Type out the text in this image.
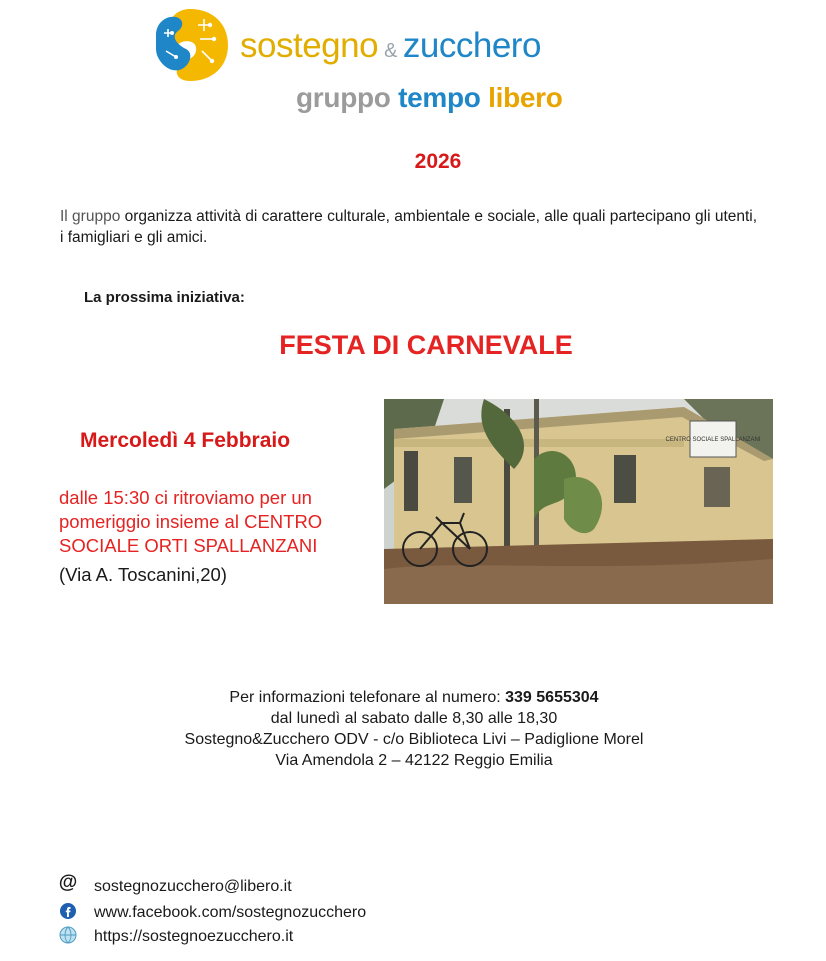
sostegno & zucchero
gruppo tempo libero
2026
Il gruppo organizza attività di carattere culturale, ambientale e sociale, alle quali partecipano gli utenti, i famigliari e gli amici.
La prossima iniziativa:
FESTA DI CARNEVALE
Mercoledì 4 Febbraio
dalle 15:30 ci ritroviamo per un pomeriggio insieme al CENTRO SOCIALE ORTI SPALLANZANI
(Via A. Toscanini,20)
CENTRO SOCIALE SPALLANZANI
Per informazioni telefonare al numero: 339 5655304
dal lunedì al sabato dalle 8,30 alle 18,30
Sostegno&Zucchero ODV - c/o Biblioteca Livi – Padiglione Morel
Via Amendola 2 – 42122 Reggio Emilia
@ sostegnozucchero@libero.it
www.facebook.com/sostegnozucchero
https://sostegnoezucchero.it
